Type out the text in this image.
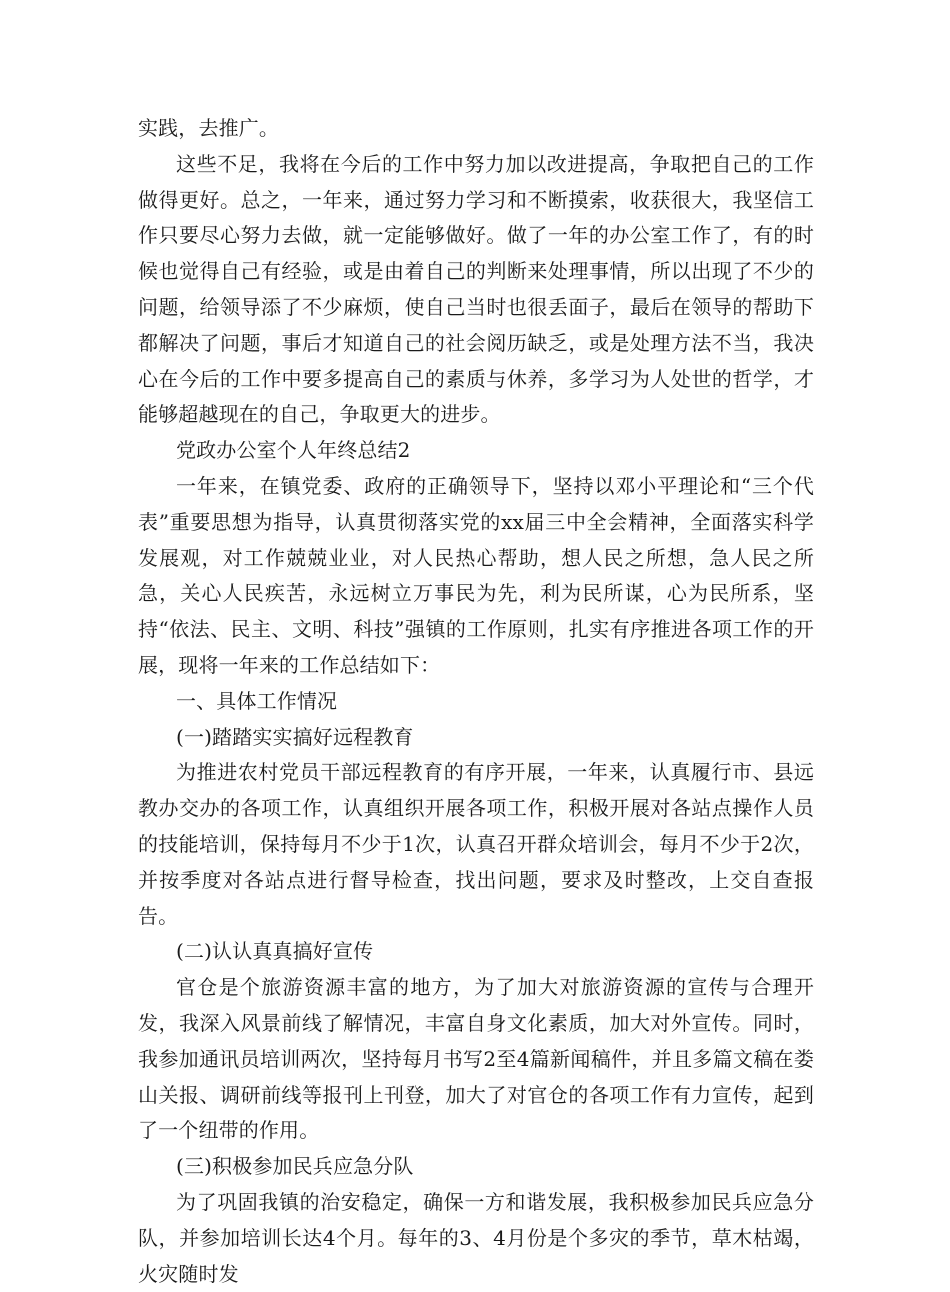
实践，去推广。

这些不足，我将在今后的工作中努力加以改进提高，争取把自己的工作做得更好。总之，一年来，通过努力学习和不断摸索，收获很大，我坚信工作只要尽心努力去做，就一定能够做好。做了一年的办公室工作了，有的时候也觉得自己有经验，或是由着自己的判断来处理事情，所以出现了不少的问题，给领导添了不少麻烦，使自己当时也很丢面子，最后在领导的帮助下都解决了问题，事后才知道自己的社会阅历缺乏，或是处理方法不当，我决心在今后的工作中要多提高自己的素质与休养，多学习为人处世的哲学，才能够超越现在的自己，争取更大的进步。

党政办公室个人年终总结2

一年来，在镇党委、政府的正确领导下，坚持以邓小平理论和“三个代表”重要思想为指导，认真贯彻落实党的xx届三中全会精神，全面落实科学发展观，对工作兢兢业业，对人民热心帮助，想人民之所想，急人民之所急，关心人民疾苦，永远树立万事民为先，利为民所谋，心为民所系，坚持“依法、民主、文明、科技”强镇的工作原则，扎实有序推进各项工作的开展，现将一年来的工作总结如下：

一、具体工作情况

(一)踏踏实实搞好远程教育

为推进农村党员干部远程教育的有序开展，一年来，认真履行市、县远教办交办的各项工作，认真组织开展各项工作，积极开展对各站点操作人员的技能培训，保持每月不少于1次，认真召开群众培训会，每月不少于2次，并按季度对各站点进行督导检查，找出问题，要求及时整改，上交自查报告。

(二)认认真真搞好宣传

官仓是个旅游资源丰富的地方，为了加大对旅游资源的宣传与合理开发，我深入风景前线了解情况，丰富自身文化素质，加大对外宣传。同时，我参加通讯员培训两次，坚持每月书写2至4篇新闻稿件，并且多篇文稿在娄山关报、调研前线等报刊上刊登，加大了对官仓的各项工作有力宣传，起到了一个纽带的作用。

(三)积极参加民兵应急分队

为了巩固我镇的治安稳定，确保一方和谐发展，我积极参加民兵应急分队，并参加培训长达4个月。每年的3、4月份是个多灾的季节，草木枯竭，火灾随时发
